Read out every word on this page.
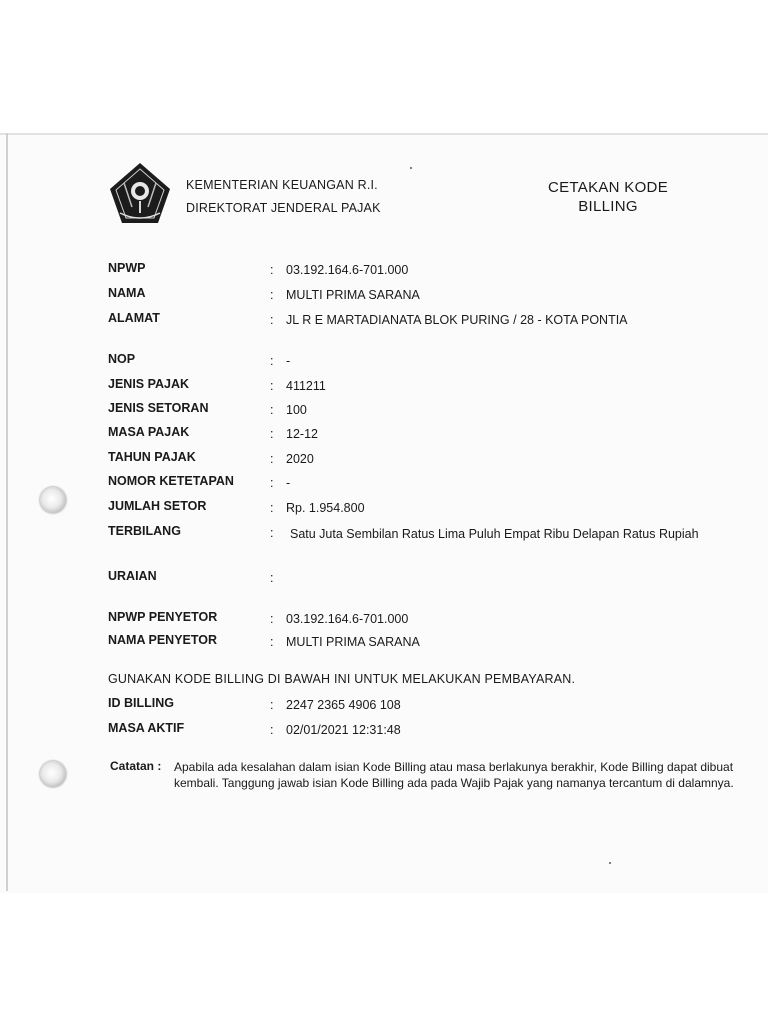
KEMENTERIAN KEUANGAN R.I.
DIREKTORAT JENDERAL PAJAK
CETAKAN KODE
BILLING
NPWP	: 03.192.164.6-701.000
NAMA	: MULTI PRIMA SARANA
ALAMAT	: JL R E MARTADIANATA BLOK PURING / 28 - KOTA PONTIA
NOP	: -
JENIS PAJAK	: 411211
JENIS SETORAN	: 100
MASA PAJAK	: 12-12
TAHUN PAJAK	: 2020
NOMOR KETETAPAN	: -
JUMLAH SETOR	: Rp. 1.954.800
TERBILANG	: Satu Juta Sembilan Ratus Lima Puluh Empat Ribu Delapan Ratus Rupiah
URAIAN	:
NPWP PENYETOR	: 03.192.164.6-701.000
NAMA PENYETOR	: MULTI PRIMA SARANA
GUNAKAN KODE BILLING DI BAWAH INI UNTUK MELAKUKAN PEMBAYARAN.
ID BILLING	: 2247 2365 4906 108
MASA AKTIF	: 02/01/2021 12:31:48
Catatan : Apabila ada kesalahan dalam isian Kode Billing atau masa berlakunya berakhir, Kode Billing dapat dibuat kembali. Tanggung jawab isian Kode Billing ada pada Wajib Pajak yang namanya tercantum di dalamnya.
